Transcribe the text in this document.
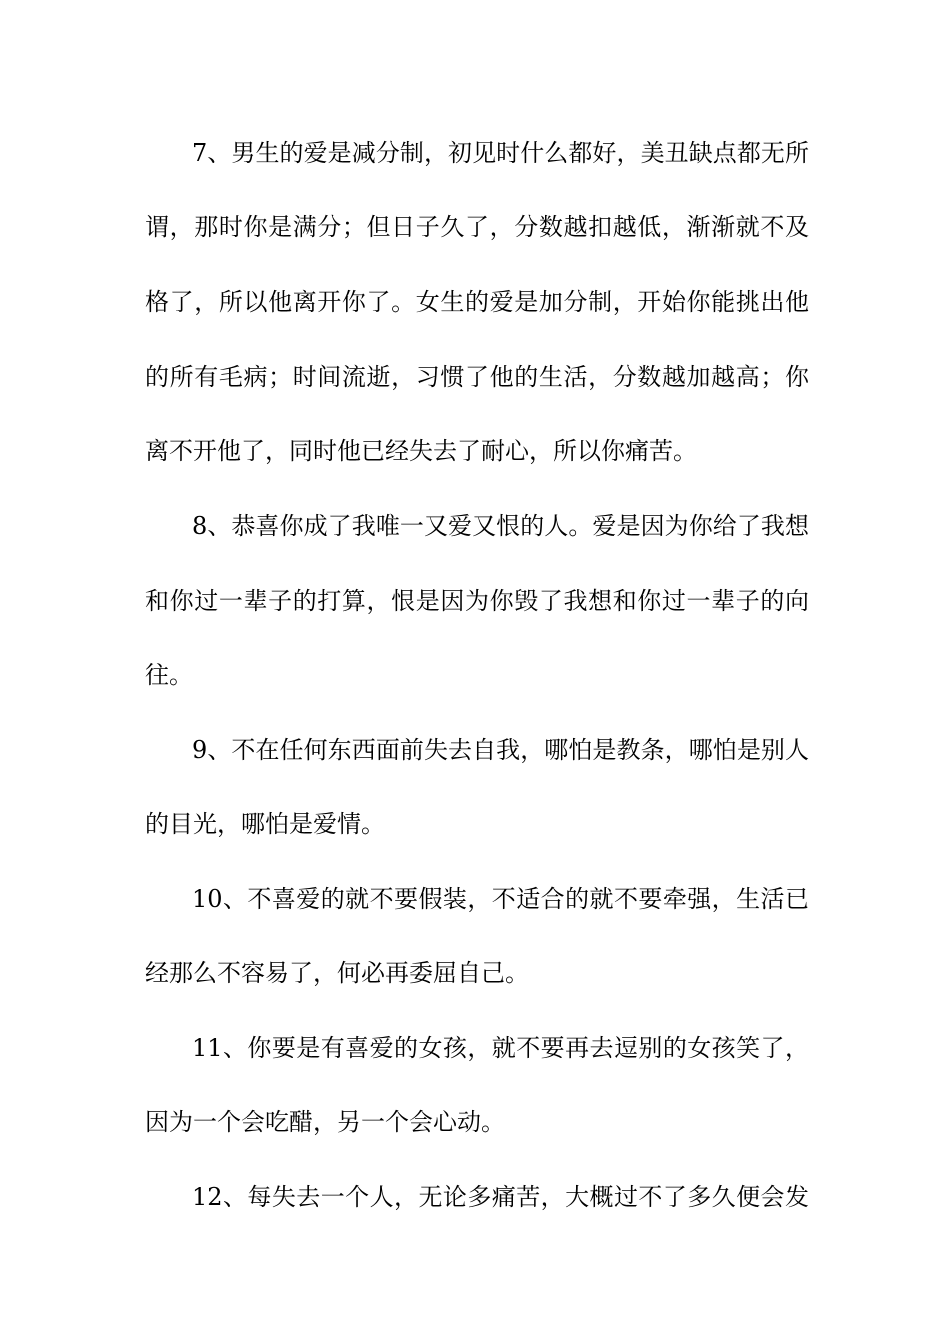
7、男生的爱是减分制，初见时什么都好，美丑缺点都无所
谓，那时你是满分；但日子久了，分数越扣越低，渐渐就不及
格了，所以他离开你了。女生的爱是加分制，开始你能挑出他
的所有毛病；时间流逝，习惯了他的生活，分数越加越高；你
离不开他了，同时他已经失去了耐心，所以你痛苦。
8、恭喜你成了我唯一又爱又恨的人。爱是因为你给了我想
和你过一辈子的打算，恨是因为你毁了我想和你过一辈子的向
往。
9、不在任何东西面前失去自我，哪怕是教条，哪怕是别人
的目光，哪怕是爱情。
10、不喜爱的就不要假装，不适合的就不要牵强，生活已
经那么不容易了，何必再委屈自己。
11、你要是有喜爱的女孩，就不要再去逗别的女孩笑了，
因为一个会吃醋，另一个会心动。
12、每失去一个人，无论多痛苦，大概过不了多久便会发
